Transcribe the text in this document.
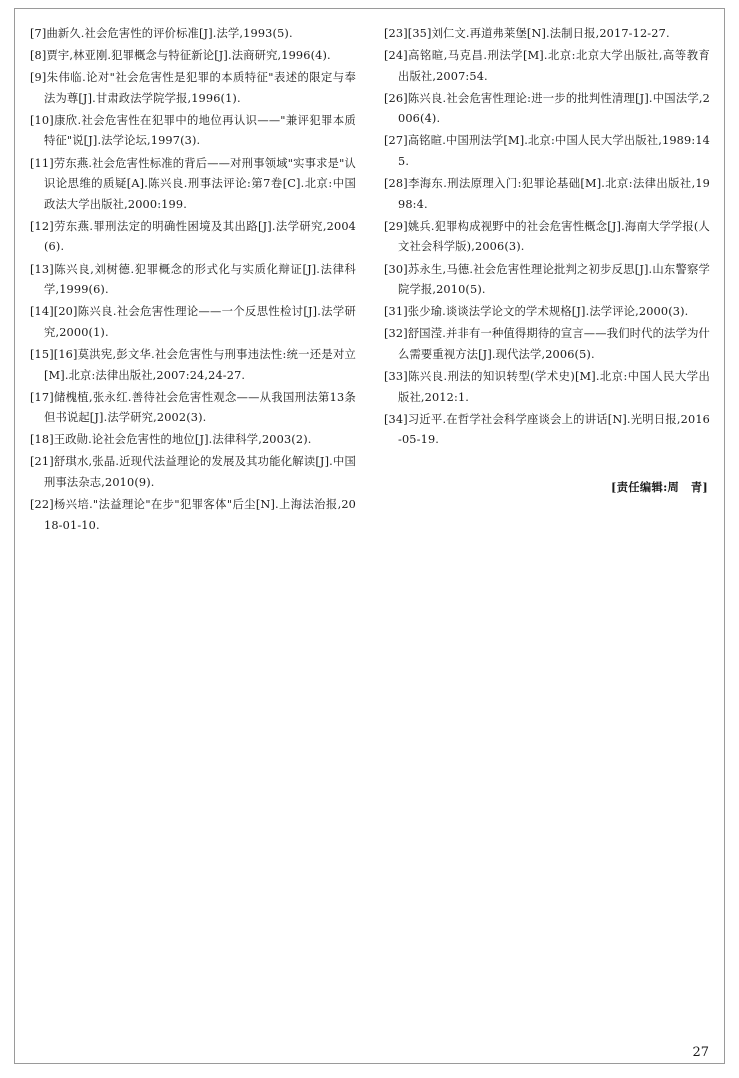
[7]曲新久.社会危害性的评价标准[J].法学,1993(5).

[8]贾宇,林亚刚.犯罪概念与特征新论[J].法商研究,1996(4).

[9]朱伟临.论对"社会危害性是犯罪的本质特征"表述的限定与奉法为尊[J].甘肃政法学院学报,1996(1).

[10]康欣.社会危害性在犯罪中的地位再认识——"兼评犯罪本质特征"说[J].法学论坛,1997(3).

[11]劳东燕.社会危害性标准的背后——对刑事领域"实事求是"认识论思维的质疑[A].陈兴良.刑事法评论:第7卷[C].北京:中国政法大学出版社,2000:199.

[12]劳东燕.罪刑法定的明确性困境及其出路[J].法学研究,2004(6).

[13]陈兴良,刘树德.犯罪概念的形式化与实质化辩证[J].法律科学,1999(6).

[14][20]陈兴良.社会危害性理论——一个反思性检讨[J].法学研究,2000(1).

[15][16]莫洪宪,彭文华.社会危害性与刑事违法性:统一还是对立[M].北京:法律出版社,2007:24,24-27.

[17]储槐植,张永红.善待社会危害性观念——从我国刑法第13条但书说起[J].法学研究,2002(3).

[18]王政勋.论社会危害性的地位[J].法律科学,2003(2).

[21]舒琪水,张晶.近现代法益理论的发展及其功能化解读[J].中国刑事法杂志,2010(9).

[22]杨兴培."法益理论"在步"犯罪客体"后尘[N].上海法治报,2018-01-10.

[23][35]刘仁文.再道弗莱堡[N].法制日报,2017-12-27.

[24]高铭暄,马克昌.刑法学[M].北京:北京大学出版社,高等教育出版社,2007:54.

[26]陈兴良.社会危害性理论:进一步的批判性清理[J].中国法学,2006(4).

[27]高铭暄.中国刑法学[M].北京:中国人民大学出版社,1989:145.

[28]李海东.刑法原理入门:犯罪论基础[M].北京:法律出版社,1998:4.

[29]姚兵.犯罪构成视野中的社会危害性概念[J].海南大学学报(人文社会科学版),2006(3).

[30]苏永生,马德.社会危害性理论批判之初步反思[J].山东警察学院学报,2010(5).

[31]张少瑜.谈谈法学论文的学术规格[J].法学评论,2000(3).

[32]舒国滢.并非有一种值得期待的宣言——我们时代的法学为什么需要重视方法[J].现代法学,2006(5).

[33]陈兴良.刑法的知识转型(学术史)[M].北京:中国人民大学出版社,2012:1.

[34]习近平.在哲学社会科学座谈会上的讲话[N].光明日报,2016-05-19.

[责任编辑:周　青]
27
